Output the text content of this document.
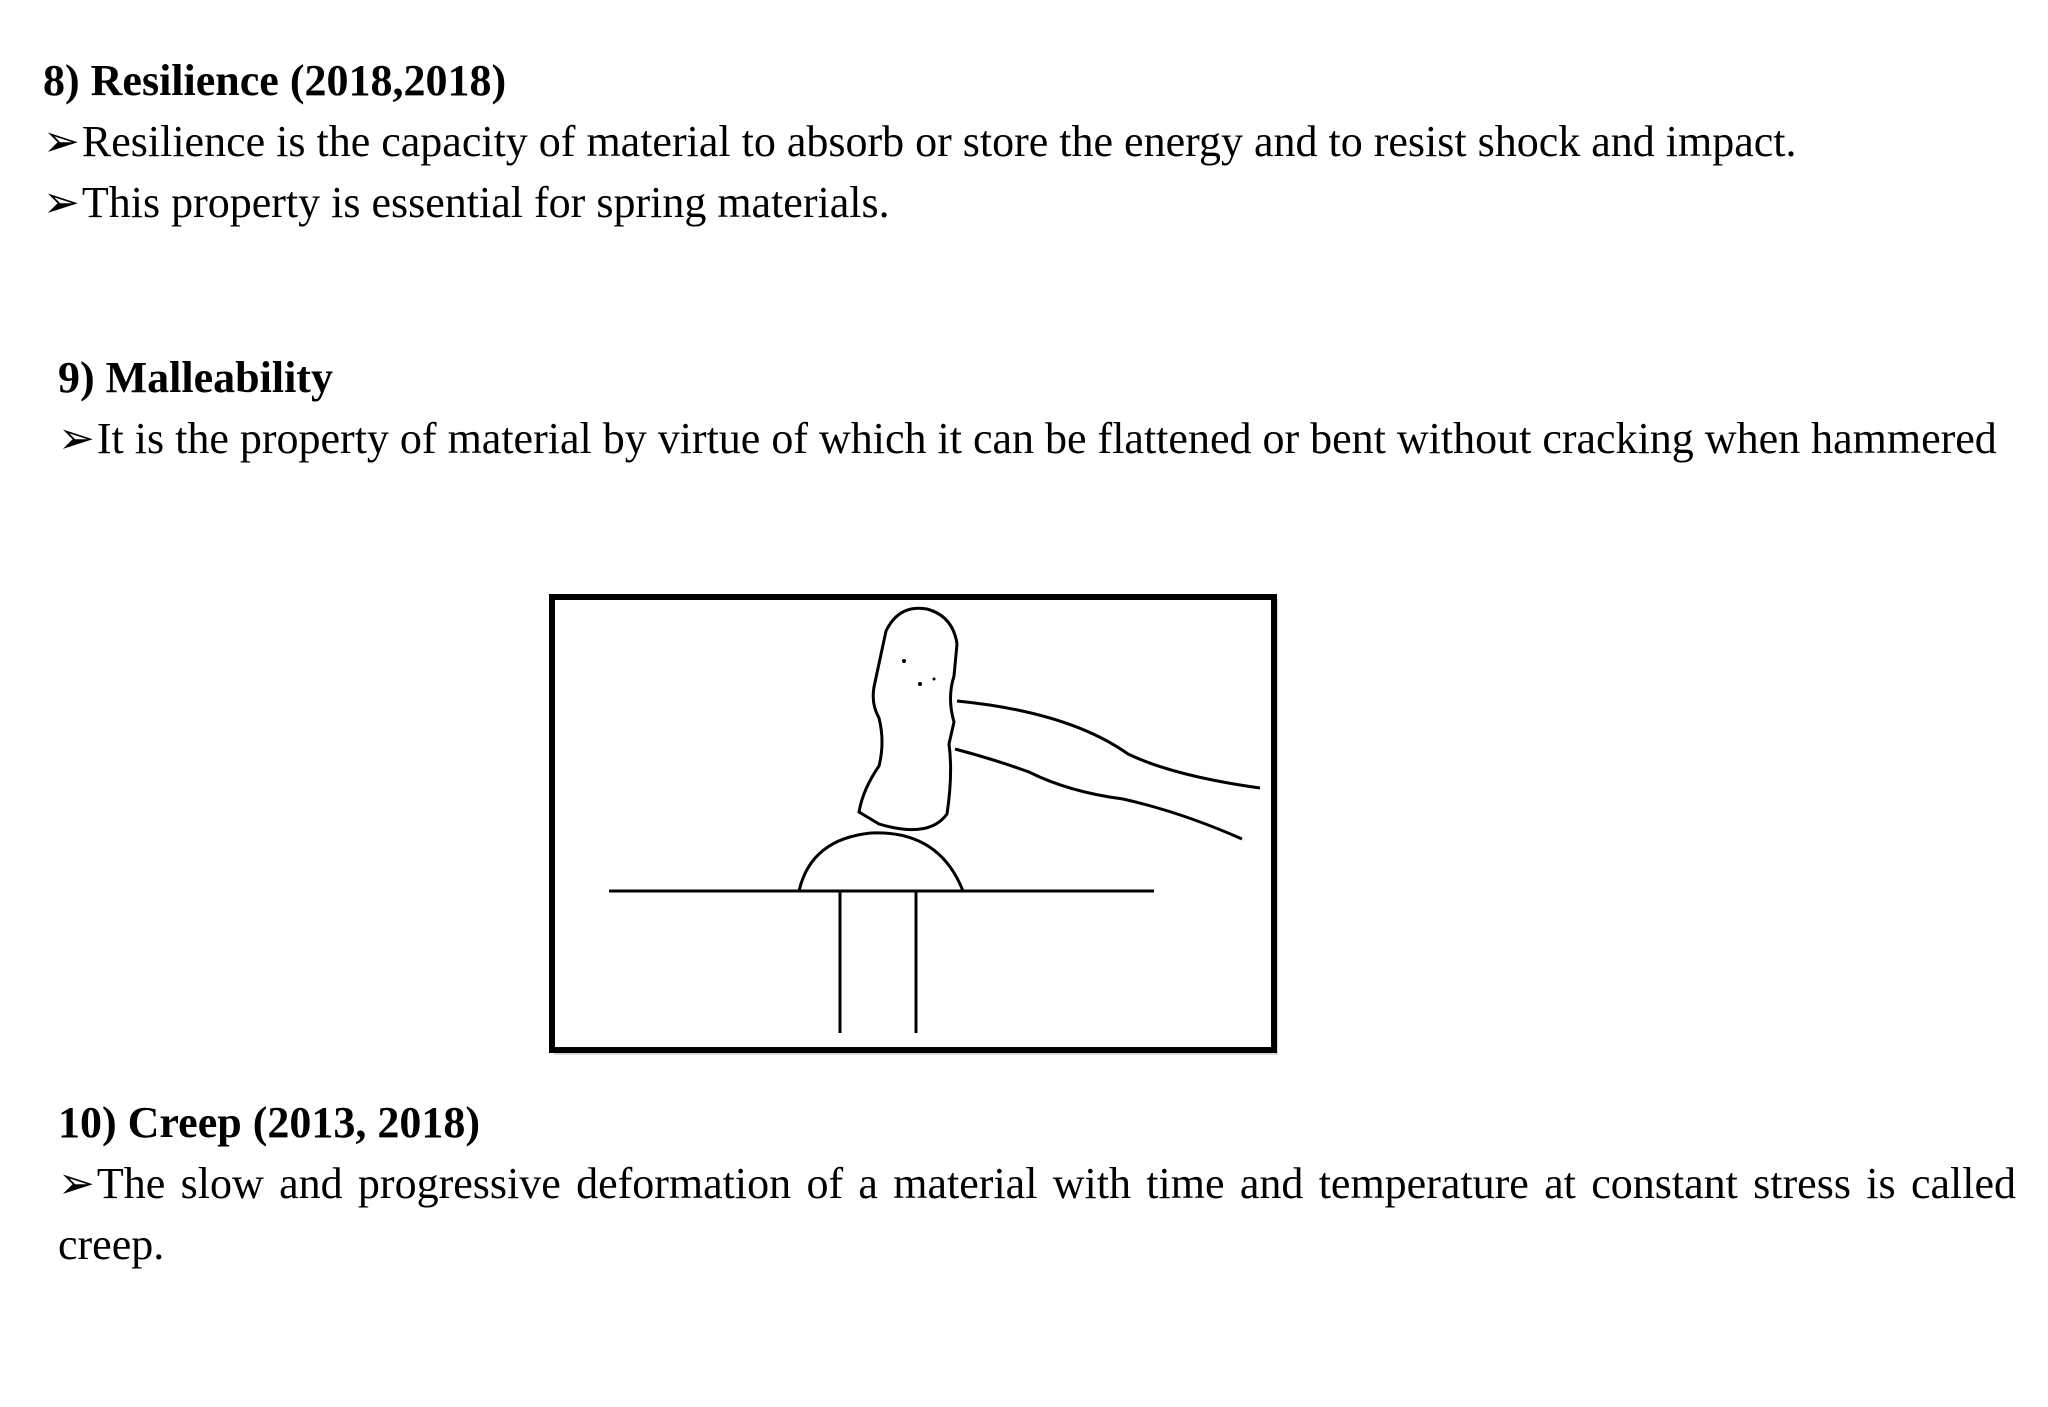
8) Resilience (2018,2018)
➢Resilience is the capacity of material to absorb or store the energy and to resist shock and impact.
➢This property is essential for spring materials.
9) Malleability
➢It is the property of material by virtue of which it can be flattened or bent without cracking when hammered
10) Creep (2013, 2018)
➢The slow and progressive deformation of a material with time and temperature at constant stress is called creep.
